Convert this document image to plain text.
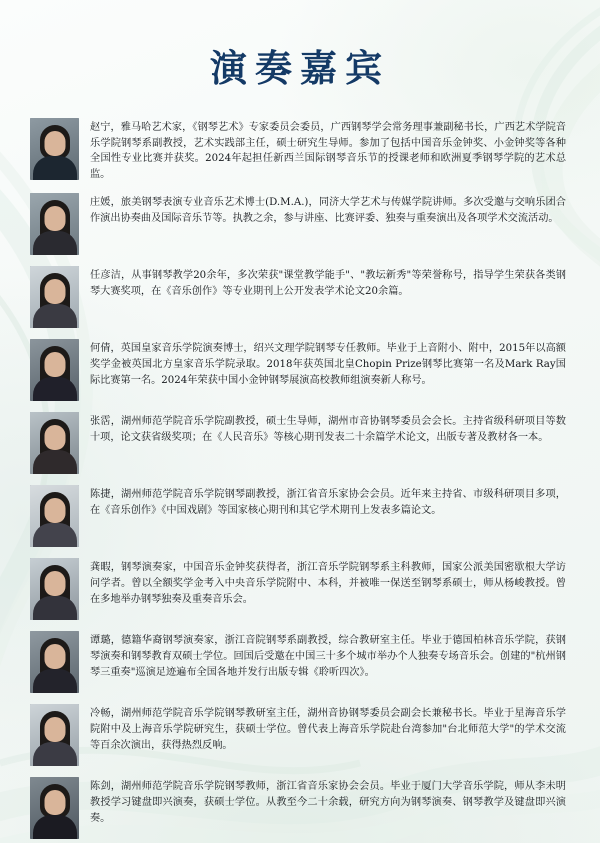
演奏嘉宾
赵宁，雅马哈艺术家，《钢琴艺术》专家委员会委员，广西钢琴学会常务理事兼副秘书长，广西艺术学院音乐学院钢琴系副教授，艺术实践部主任，硕士研究生导师。参加了包括中国音乐金钟奖、小金钟奖等各种全国性专业比赛并获奖。2024年起担任新西兰国际钢琴音乐节的授课老师和欧洲夏季钢琴学院的艺术总监。
庄媛，旅美钢琴表演专业音乐艺术博士(D.M.A.)，同济大学艺术与传媒学院讲师。多次受邀与交响乐团合作演出协奏曲及国际音乐节等。执教之余，参与讲座、比赛评委、独奏与重奏演出及各项学术交流活动。
任彦洁，从事钢琴教学20余年，多次荣获"课堂教学能手"、"教坛新秀"等荣誉称号，指导学生荣获各类钢琴大赛奖项，在《音乐创作》等专业期刊上公开发表学术论文20余篇。
何倩，英国皇家音乐学院演奏博士，绍兴文理学院钢琴专任教师。毕业于上音附小、附中，2015年以高额奖学金被英国北方皇家音乐学院录取。2018年获英国北皇Chopin Prize钢琴比赛第一名及Mark Ray国际比赛第一名。2024年荣获中国小金钟钢琴展演高校教师组演奏新人称号。
张霑，湖州师范学院音乐学院副教授，硕士生导师，湖州市音协钢琴委员会会长。主持省级科研项目等数十项，论文获省级奖项；在《人民音乐》等核心期刊发表二十余篇学术论文，出版专著及教材各一本。
陈捷，湖州师范学院音乐学院钢琴副教授，浙江省音乐家协会会员。近年来主持省、市级科研项目多项，在《音乐创作》《中国戏剧》等国家核心期刊和其它学术期刊上发表多篇论文。
龚暇，钢琴演奏家，中国音乐金钟奖获得者，浙江音乐学院钢琴系主科教师，国家公派美国密歇根大学访问学者。曾以全额奖学金考入中央音乐学院附中、本科，并被唯一保送至钢琴系硕士，师从杨峻教授。曾在多地举办钢琴独奏及重奏音乐会。
谭璐，德籍华裔钢琴演奏家，浙江音院钢琴系副教授，综合教研室主任。毕业于德国柏林音乐学院，获钢琴演奏和钢琴教育双硕士学位。回国后受邀在中国三十多个城市举办个人独奏专场音乐会。创建的"杭州钢琴三重奏"巡演足迹遍布全国各地并发行出版专辑《聆听四次》。
冷畅，湖州师范学院音乐学院钢琴教研室主任，湖州音协钢琴委员会副会长兼秘书长。毕业于星海音乐学院附中及上海音乐学院研究生，获硕士学位。曾代表上海音乐学院赴台湾参加"台北师范大学"的学术交流等百余次演出，获得热烈反响。
陈剑，湖州师范学院音乐学院钢琴教师，浙江省音乐家协会会员。毕业于厦门大学音乐学院，师从李未明教授学习键盘即兴演奏，获硕士学位。从教至今二十余载，研究方向为钢琴演奏、钢琴教学及键盘即兴演奏。
